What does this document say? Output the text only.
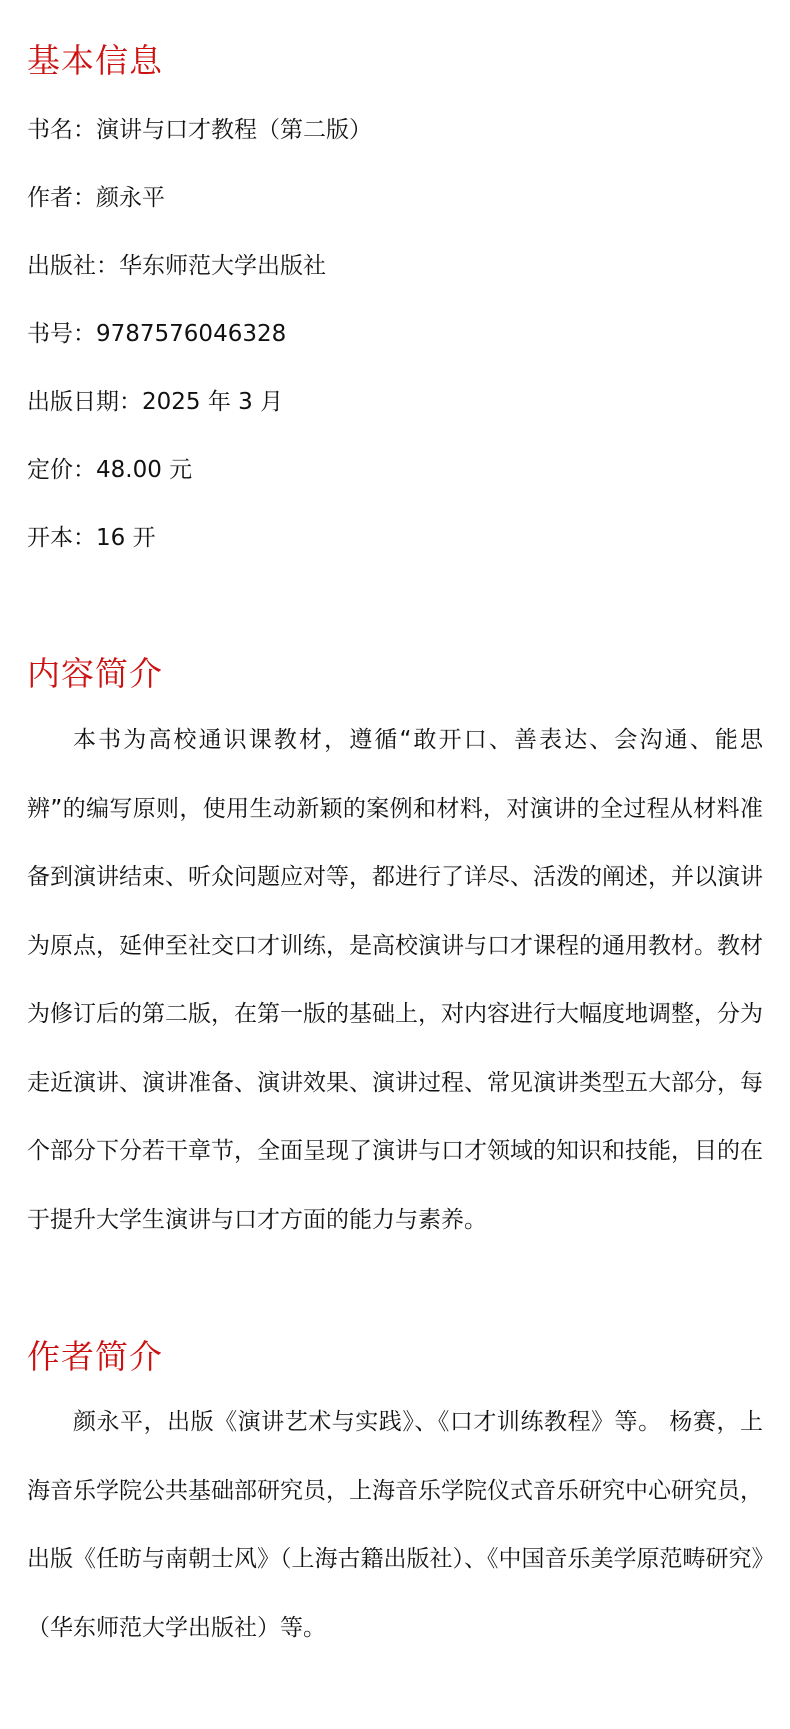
基本信息

书名：演讲与口才教程（第二版）

作者：颜永平

出版社：华东师范大学出版社

书号：9787576046328

出版日期：2025 年 3 月

定价：48.00 元

开本：16 开

内容简介

本书为高校通识课教材，遵循“敢开口、善表达、会沟通、能思辨”的编写原则，使用生动新颖的案例和材料，对演讲的全过程从材料准备到演讲结束、听众问题应对等，都进行了详尽、活泼的阐述，并以演讲为原点，延伸至社交口才训练，是高校演讲与口才课程的通用教材。教材为修订后的第二版，在第一版的基础上，对内容进行大幅度地调整，分为走近演讲、演讲准备、演讲效果、演讲过程、常见演讲类型五大部分，每个部分下分若干章节，全面呈现了演讲与口才领域的知识和技能，目的在于提升大学生演讲与口才方面的能力与素养。

作者简介

颜永平，出版《演讲艺术与实践》、《口才训练教程》等。 杨赛，上海音乐学院公共基础部研究员，上海音乐学院仪式音乐研究中心研究员，出版《任昉与南朝士风》（上海古籍出版社）、《中国音乐美学原范畴研究》（华东师范大学出版社）等。
